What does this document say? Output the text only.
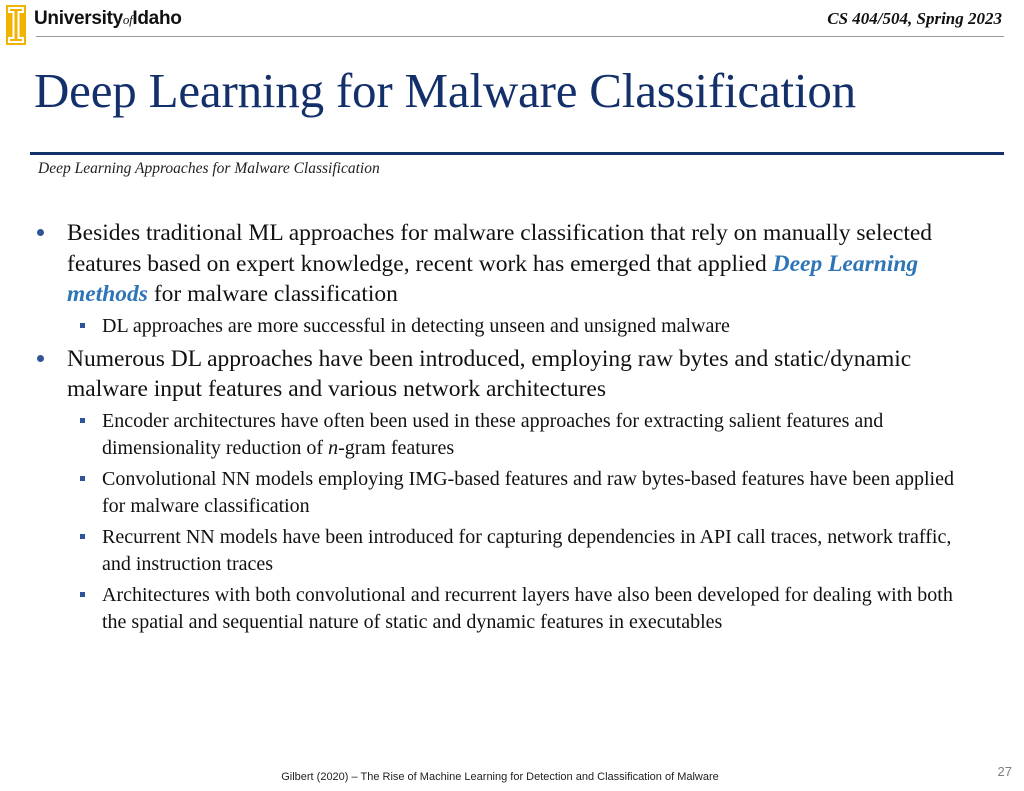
UniversityofIdaho	CS 404/504, Spring 2023
Deep Learning for Malware Classification
Deep Learning Approaches for Malware Classification
Besides traditional ML approaches for malware classification that rely on manually selected features based on expert knowledge, recent work has emerged that applied Deep Learning methods for malware classification
DL approaches are more successful in detecting unseen and unsigned malware
Numerous DL approaches have been introduced, employing raw bytes and static/dynamic malware input features and various network architectures
Encoder architectures have often been used in these approaches for extracting salient features and dimensionality reduction of n-gram features
Convolutional NN models employing IMG-based features and raw bytes-based features have been applied for malware classification
Recurrent NN models have been introduced for capturing dependencies in API call traces, network traffic, and instruction traces
Architectures with both convolutional and recurrent layers have also been developed for dealing with both the spatial and sequential nature of static and dynamic features in executables
Gilbert (2020) – The Rise of Machine Learning for Detection and Classification of Malware	27
